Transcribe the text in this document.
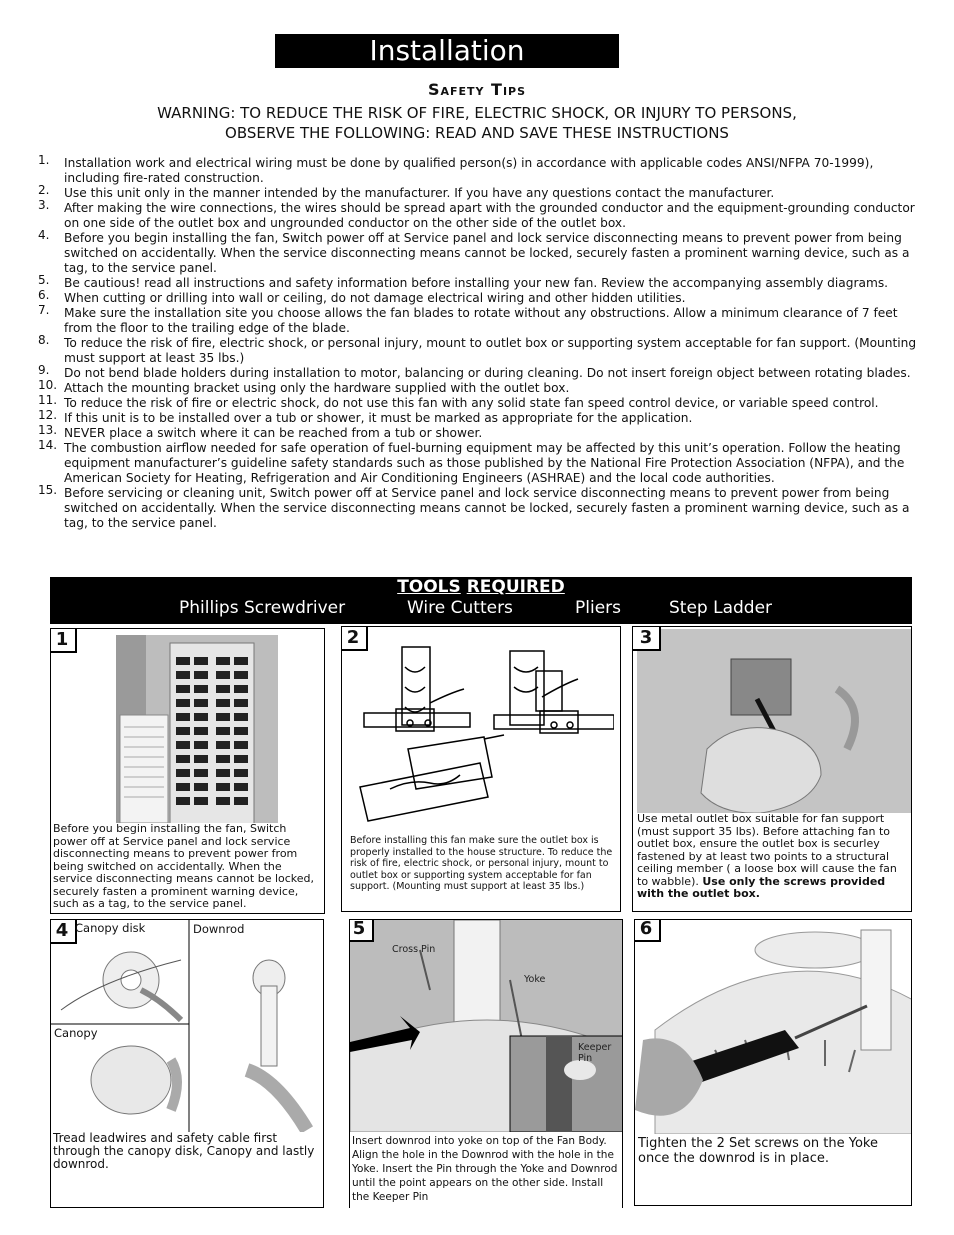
Installation
Safety Tips
WARNING: TO REDUCE THE RISK OF FIRE, ELECTRIC SHOCK, OR INJURY TO PERSONS,
OBSERVE THE FOLLOWING: READ AND SAVE THESE INSTRUCTIONS
1. Installation work and electrical wiring must be done by qualified person(s) in accordance with applicable codes ANSI/NFPA 70-1999), including fire-rated construction.
2. Use this unit only in the manner intended by the manufacturer. If you have any questions contact the manufacturer.
3. After making the wire connections, the wires should be spread apart with the grounded conductor and the equipment-grounding conductor on one side of the outlet box and ungrounded conductor on the other side of the outlet box.
4. Before you begin installing the fan, Switch power off at Service panel and lock service disconnecting means to prevent power from being switched on accidentally. When the service disconnecting means cannot be locked, securely fasten a prominent warning device, such as a tag, to the service panel.
5. Be cautious! read all instructions and safety information before installing your new fan. Review the accompanying assembly diagrams.
6. When cutting or drilling into wall or ceiling, do not damage electrical wiring and other hidden utilities.
7. Make sure the installation site you choose allows the fan blades to rotate without any obstructions. Allow a minimum clearance of 7 feet from the floor to the trailing edge of the blade.
8. To reduce the risk of fire, electric shock, or personal injury, mount to outlet box or supporting system acceptable for fan support. (Mounting must support at least 35 lbs.)
9. Do not bend blade holders during installation to motor, balancing or during cleaning. Do not insert foreign object between rotating blades.
10. Attach the mounting bracket using only the hardware supplied with the outlet box.
11. To reduce the risk of fire or electric shock, do not use this fan with any solid state fan speed control device, or variable speed control.
12. If this unit is to be installed over a tub or shower, it must be marked as appropriate for the application.
13. NEVER place a switch where it can be reached from a tub or shower.
14. The combustion airflow needed for safe operation of fuel-burning equipment may be affected by this unit’s operation. Follow the heating equipment manufacturer’s guideline safety standards such as those published by the National Fire Protection Association (NFPA), and the American Society for Heating, Refrigeration and Air Conditioning Engineers (ASHRAE) and the local code authorities.
15. Before servicing or cleaning unit, Switch power off at Service panel and lock service disconnecting means to prevent power from being switched on accidentally. When the service disconnecting means cannot be locked, securely fasten a prominent warning device, such as a tag, to the service panel.
TOOLS REQUIRED
Phillips Screwdriver	Wire Cutters	Pliers	Step Ladder
1
Before you begin installing the fan, Switch power off at Service panel and lock service disconnecting means to prevent power from being switched on accidentally. When the service disconnecting means cannot be locked, securely fasten a prominent warning device, such as a tag, to the service panel.
2
Before installing this fan make sure the outlet box is properly installed to the house structure. To reduce the risk of fire, electric shock, or personal injury, mount to outlet box or supporting system acceptable for fan support. (Mounting must support at least 35 lbs.)
3
Use metal outlet box suitable for fan support (must support 35 lbs). Before attaching fan to outlet box, ensure the outlet box is securley fastened by at least two points to a structural ceiling member ( a loose box will cause the fan to wabble). Use only the screws provided with the outlet box.
4 Canopy disk	Downrod
Canopy
Tread leadwires and safety cable first through the canopy disk, Canopy and lastly downrod.
5
Cross Pin
Yoke
Keeper Pin
Insert downrod into yoke on top of the Fan Body. Align the hole in the Downrod with the hole in the Yoke. Insert the Pin through the Yoke and Downrod until the point appears on the other side. Install the Keeper Pin
6
Tighten the 2 Set screws on the Yoke once the downrod is in place.
